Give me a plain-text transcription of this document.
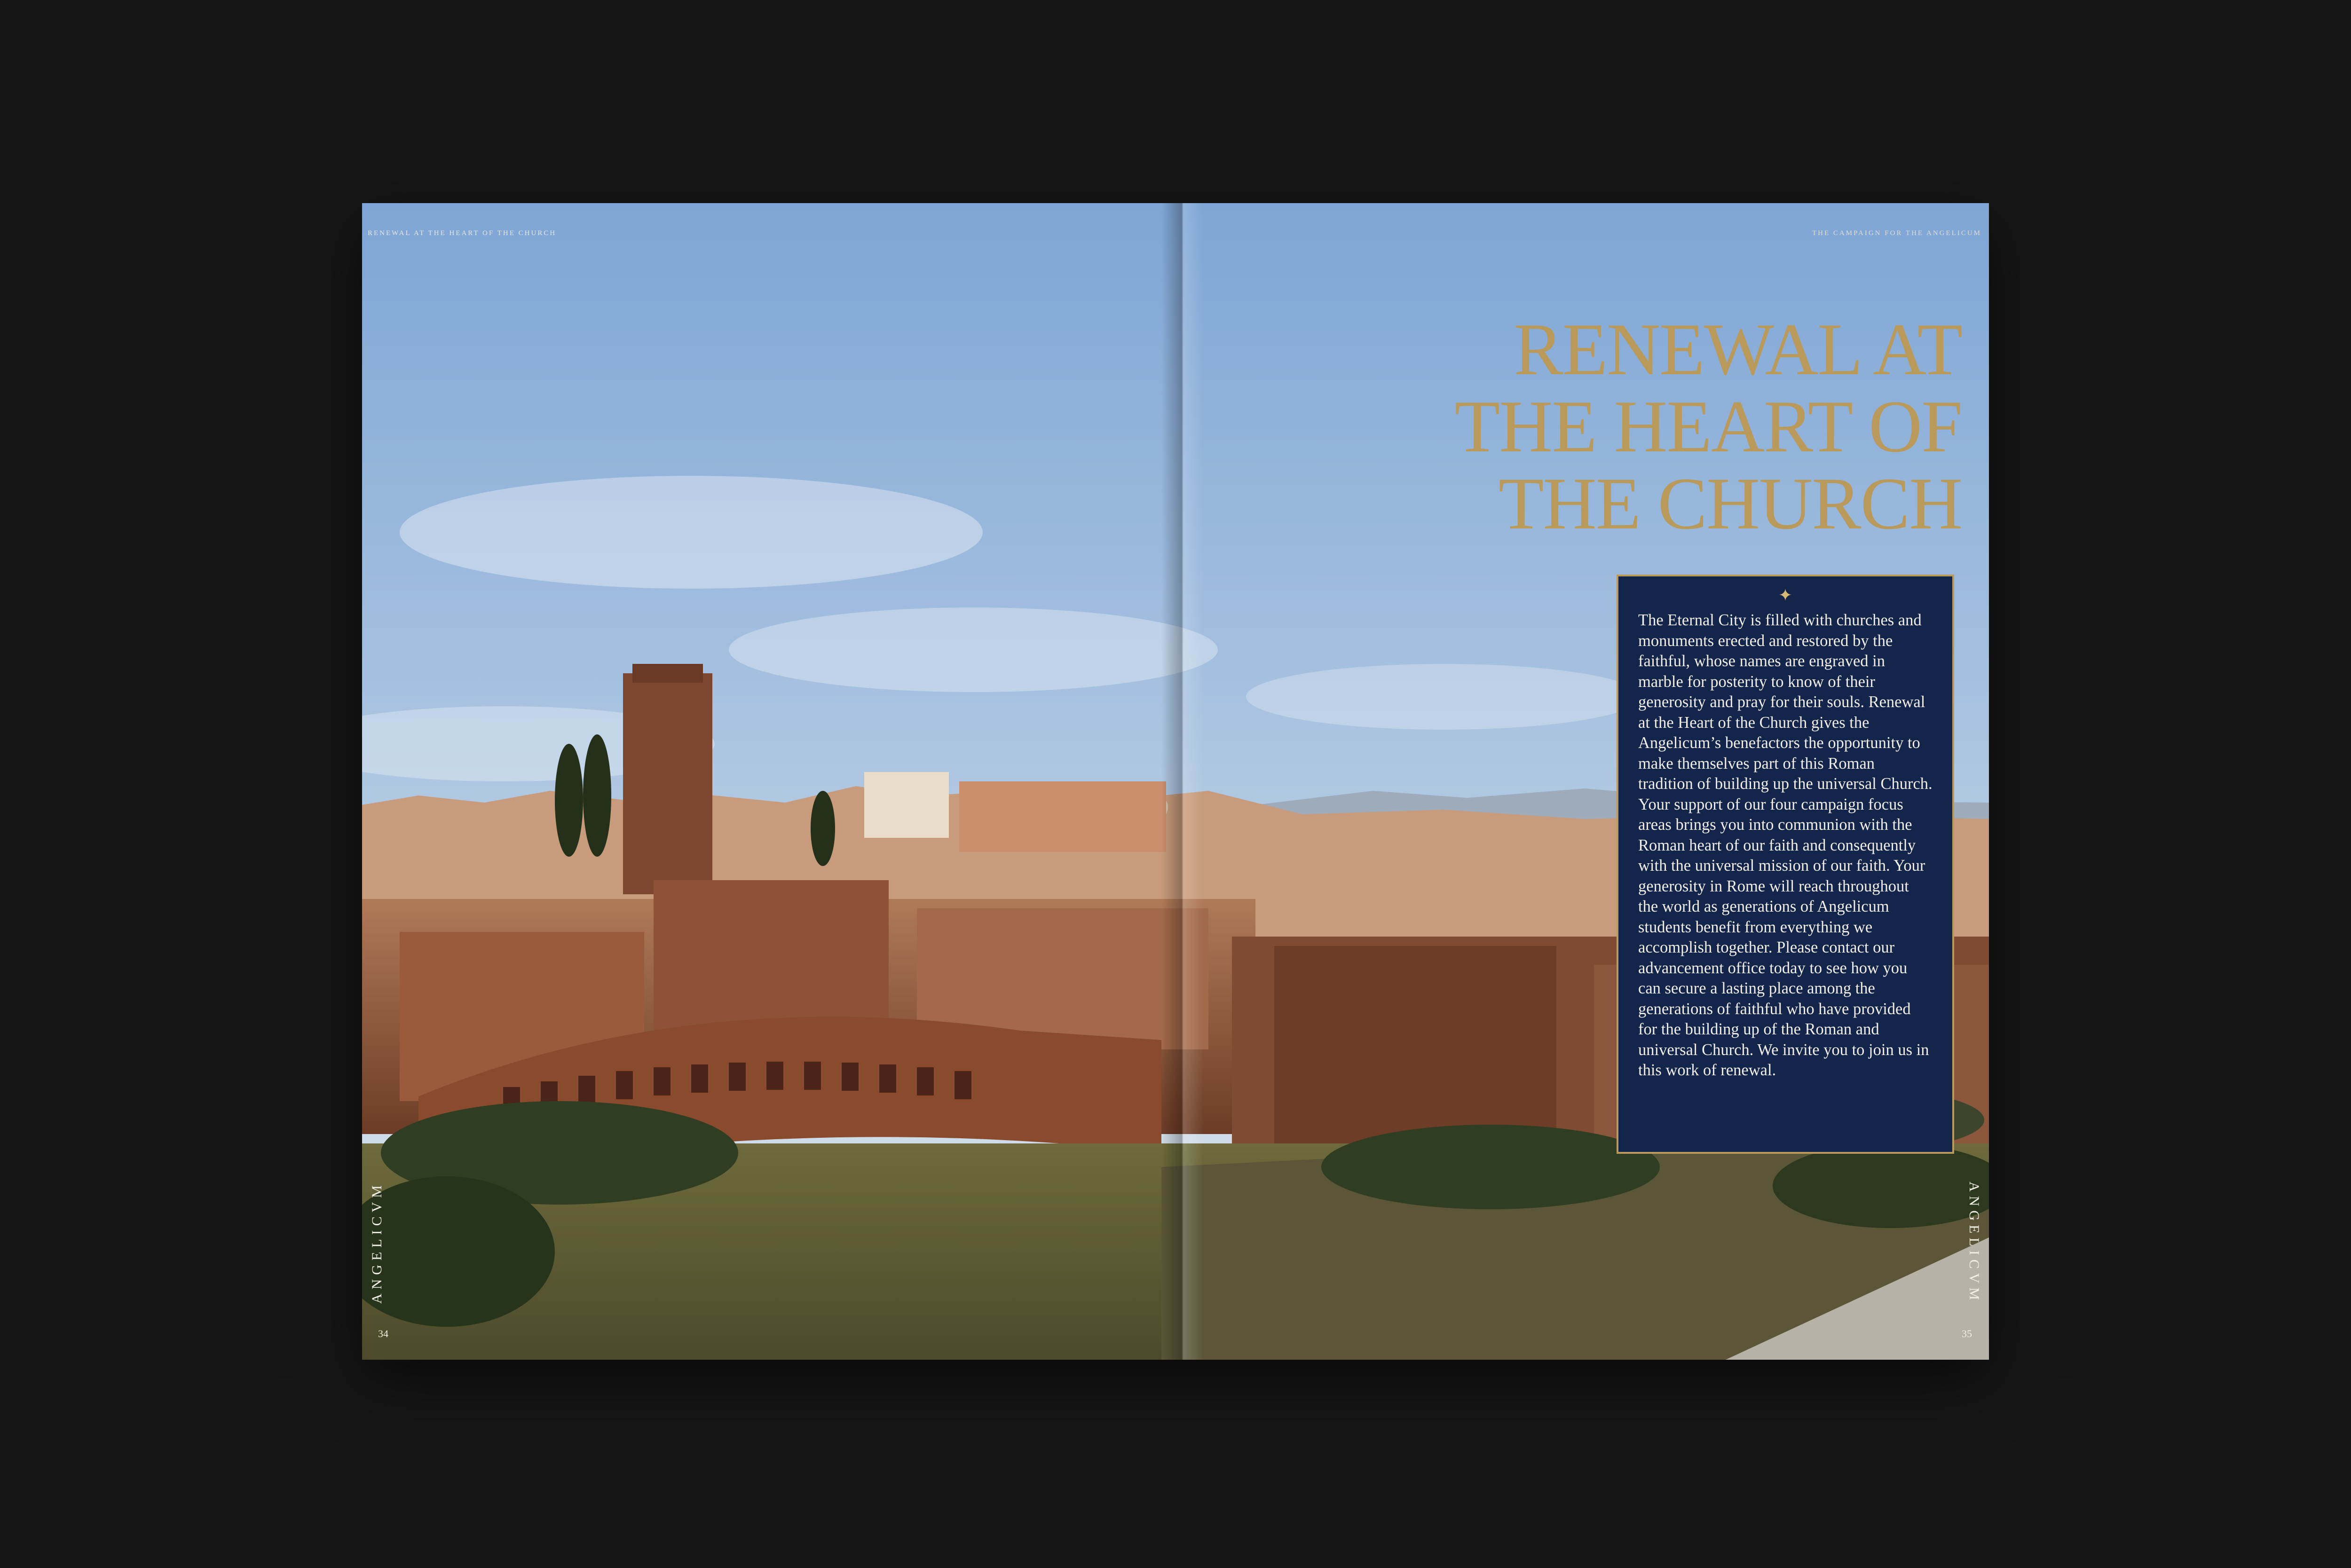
RENEWAL AT THE HEART OF THE CHURCH	THE CAMPAIGN FOR THE ANGELICUM
RENEWAL AT
THE HEART OF
THE CHURCH
✦

The Eternal City is filled with churches and monuments erected and restored by the faithful, whose names are engraved in marble for posterity to know of their generosity and pray for their souls. Renewal at the Heart of the Church gives the Angelicum’s benefactors the opportunity to make themselves part of this Roman tradition of building up the universal Church. Your support of our four campaign focus areas brings you into communion with the Roman heart of our faith and consequently with the universal mission of our faith. Your generosity in Rome will reach throughout the world as generations of Angelicum students benefit from everything we accomplish together. Please contact our advancement office today to see how you can secure a lasting place among the generations of faithful who have provided for the building up of the Roman and universal Church. We invite you to join us in this work of renewal.

ANGELICVM	ANGELICVM
34	35
